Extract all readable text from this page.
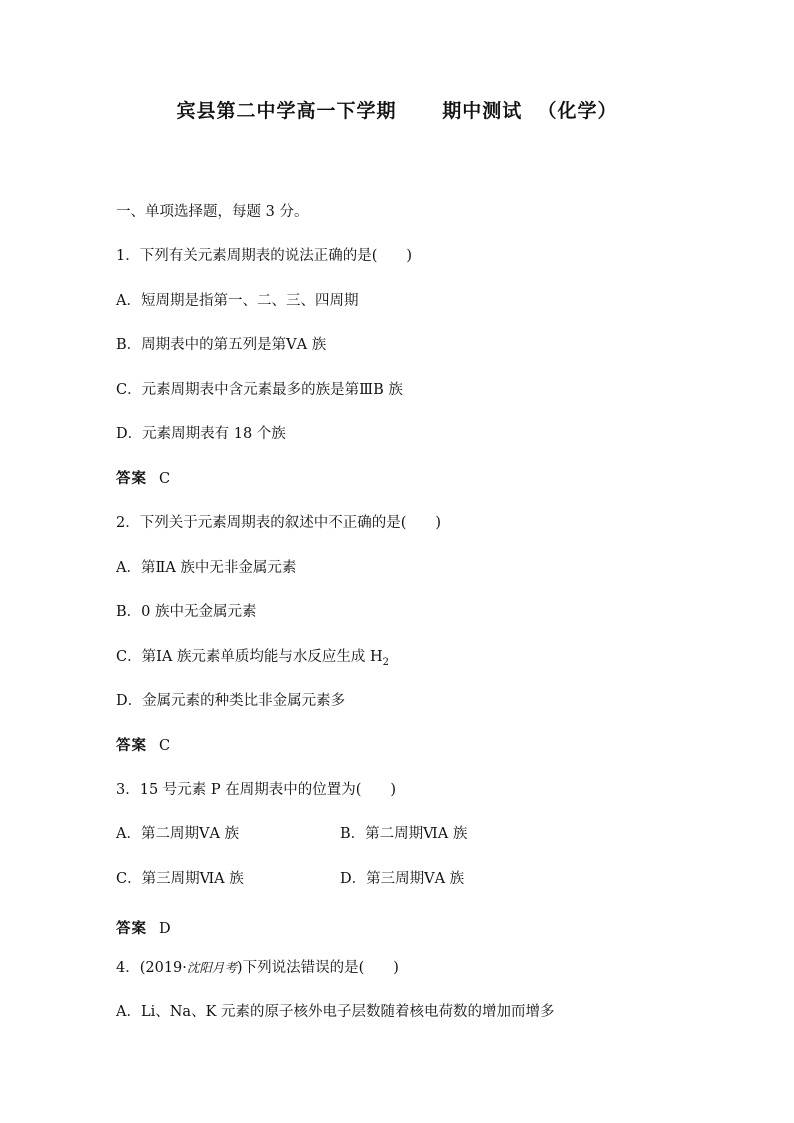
宾县第二中学高一下学期      期中测试  （化学）
一、单项选择题，每题 3 分。
1．下列有关元素周期表的说法正确的是(　　)
A．短周期是指第一、二、三、四周期
B．周期表中的第五列是第ⅤA 族
C．元素周期表中含元素最多的族是第ⅢB 族
D．元素周期表有 18 个族
答案 C
2．下列关于元素周期表的叙述中不正确的是(　　)
A．第ⅡA 族中无非金属元素
B．0 族中无金属元素
C．第ⅠA 族元素单质均能与水反应生成 $H_2$
D．金属元素的种类比非金属元素多
答案 C
3．15 号元素 P 在周期表中的位置为(　　)
A．第二周期ⅤA 族	B．第二周期ⅥA 族
C．第三周期ⅥA 族	D．第三周期ⅤA 族
答案 D
4．(2019·沈阳月考)下列说法错误的是(　　)
A．Li、Na、K 元素的原子核外电子层数随着核电荷数的增加而增多
